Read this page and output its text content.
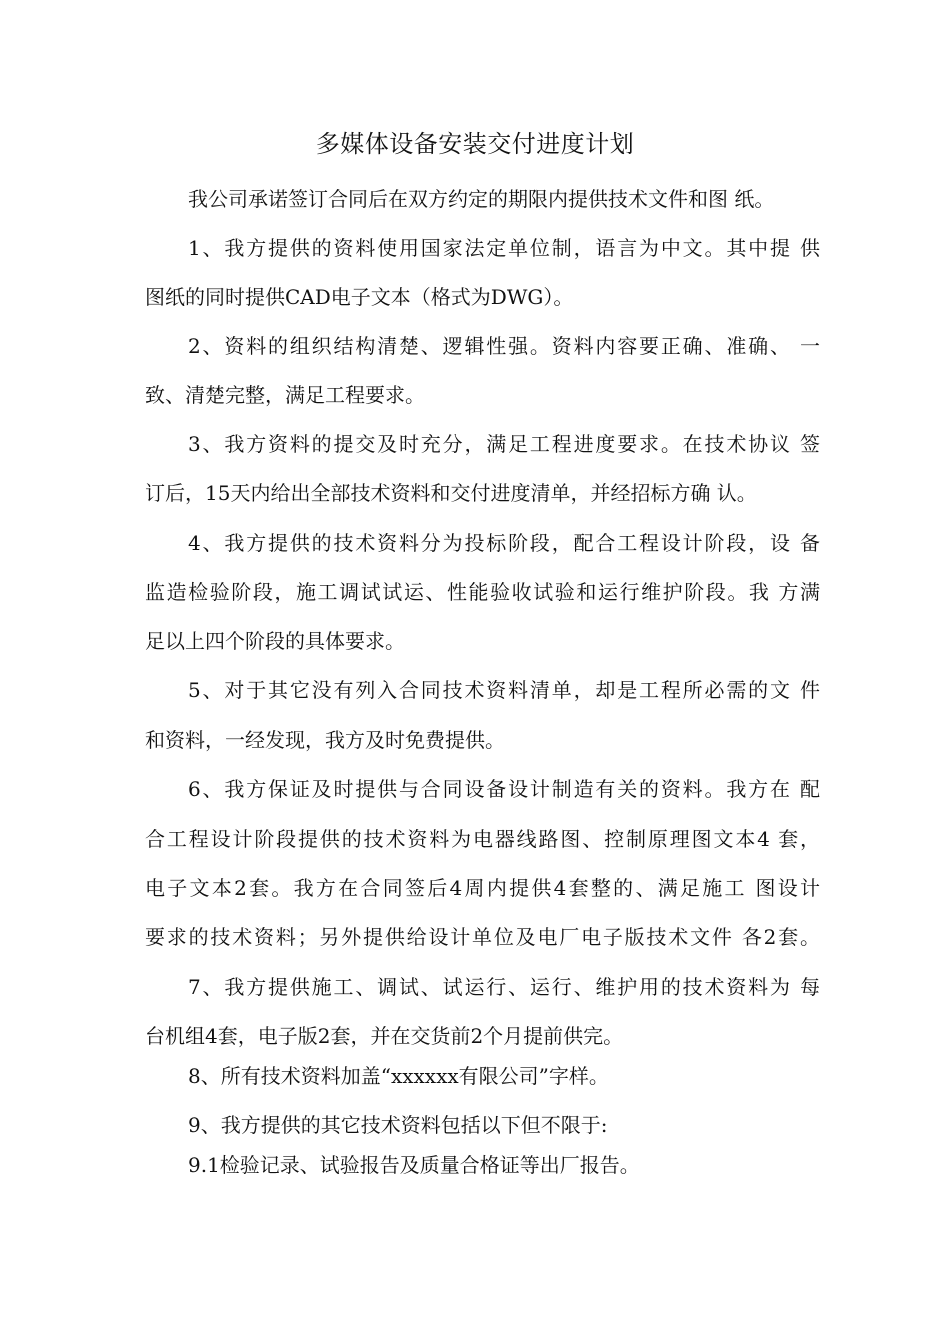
多媒体设备安装交付进度计划

我公司承诺签订合同后在双方约定的期限内提供技术文件和图 纸。

1、我方提供的资料使用国家法定单位制，语言为中文。其中提 供

图纸的同时提供CAD电子文本（格式为DWG）。

2、资料的组织结构清楚、逻辑性强。资料内容要正确、准确、 一

致、清楚完整，满足工程要求。

3、我方资料的提交及时充分，满足工程进度要求。在技术协议 签

订后，15天内给出全部技术资料和交付进度清单，并经招标方确 认。

4、我方提供的技术资料分为投标阶段，配合工程设计阶段，设 备

监造检验阶段，施工调试试运、性能验收试验和运行维护阶段。我 方满

足以上四个阶段的具体要求。

5、对于其它没有列入合同技术资料清单，却是工程所必需的文 件

和资料，一经发现，我方及时免费提供。

6、我方保证及时提供与合同设备设计制造有关的资料。我方在 配

合工程设计阶段提供的技术资料为电器线路图、控制原理图文本4 套，

电子文本2套。我方在合同签后4周内提供4套整的、满足施工 图设计

要求的技术资料；另外提供给设计单位及电厂电子版技术文件 各2套。

7、我方提供施工、调试、试运行、运行、维护用的技术资料为 每

台机组4套，电子版2套，并在交货前2个月提前供完。

8、所有技术资料加盖“xxxxxx有限公司”字样。

9、我方提供的其它技术资料包括以下但不限于:

9.1检验记录、试验报告及质量合格证等出厂报告。
